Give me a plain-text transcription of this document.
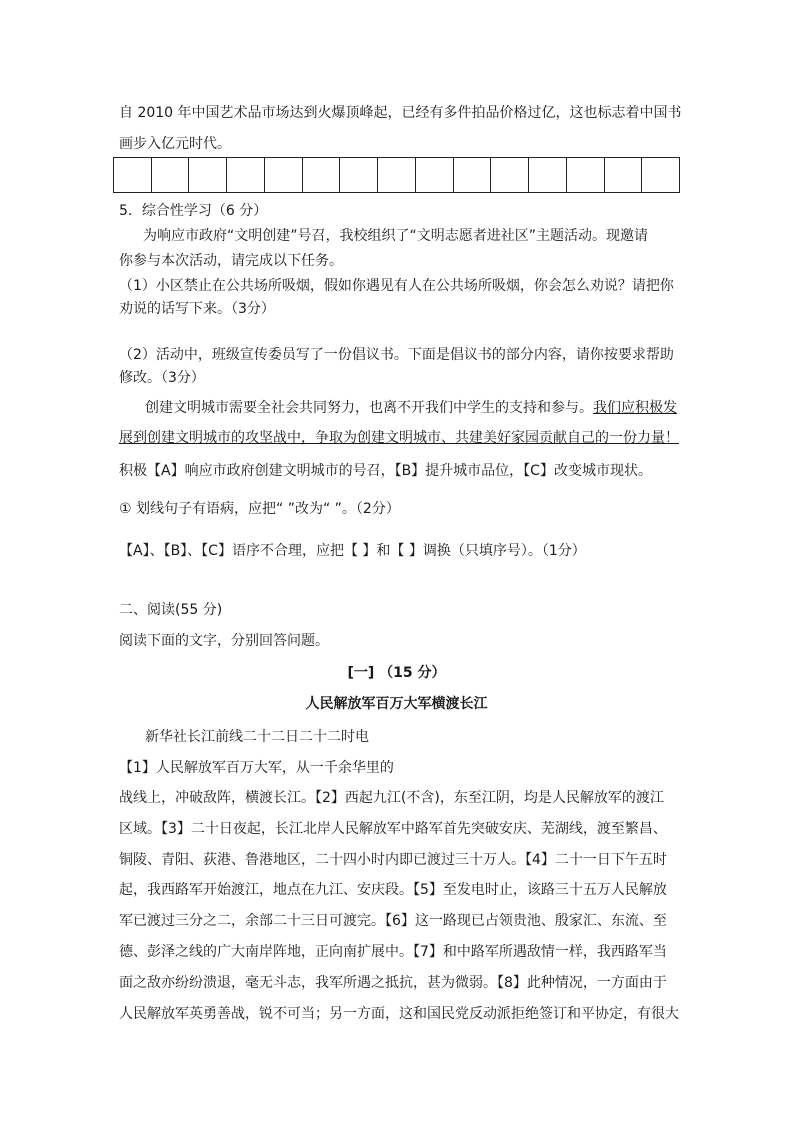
自 2010 年中国艺术品市场达到火爆顶峰起，已经有多件拍品价格过亿，这也标志着中国书
画步入亿元时代。
5．综合性学习（6 分）
为响应市政府“文明创建”号召，我校组织了“文明志愿者进社区”主题活动。现邀请
你参与本次活动，请完成以下任务。
（1）小区禁止在公共场所吸烟，假如你遇见有人在公共场所吸烟，你会怎么劝说？请把你
劝说的话写下来。（3分）
（2）活动中，班级宣传委员写了一份倡议书。下面是倡议书的部分内容，请你按要求帮助
修改。（3分）
创建文明城市需要全社会共同努力，也离不开我们中学生的支持和参与。我们应积极发
展到创建文明城市的攻坚战中，争取为创建文明城市、共建美好家园贡献自己的一份力量！
积极【A】响应市政府创建文明城市的号召，【B】提升城市品位，【C】改变城市现状。
① 划线句子有语病，应把“ ”改为“ ”。（2分）
【A】、【B】、【C】语序不合理，应把【 】和【 】调换（只填序号）。（1分）
二、阅读(55 分)
阅读下面的文字，分别回答问题。
[一] （15 分）
人民解放军百万大军横渡长江
新华社长江前线二十二日二十二时电
【1】人民解放军百万大军，从一千余华里的
战线上，冲破敌阵，横渡长江。【2】西起九江(不含)，东至江阴，均是人民解放军的渡江
区域。【3】二十日夜起，长江北岸人民解放军中路军首先突破安庆、芜湖线，渡至繁昌、
铜陵、青阳、荻港、鲁港地区，二十四小时内即已渡过三十万人。【4】二十一日下午五时
起，我西路军开始渡江，地点在九江、安庆段。【5】至发电时止，该路三十五万人民解放
军已渡过三分之二，余部二十三日可渡完。【6】这一路现已占领贵池、殷家汇、东流、至
德、彭泽之线的广大南岸阵地，正向南扩展中。【7】和中路军所遇敌情一样，我西路军当
面之敌亦纷纷溃退，毫无斗志，我军所遇之抵抗，甚为微弱。【8】此种情况，一方面由于
人民解放军英勇善战，锐不可当；另一方面，这和国民党反动派拒绝签订和平协定，有很大
